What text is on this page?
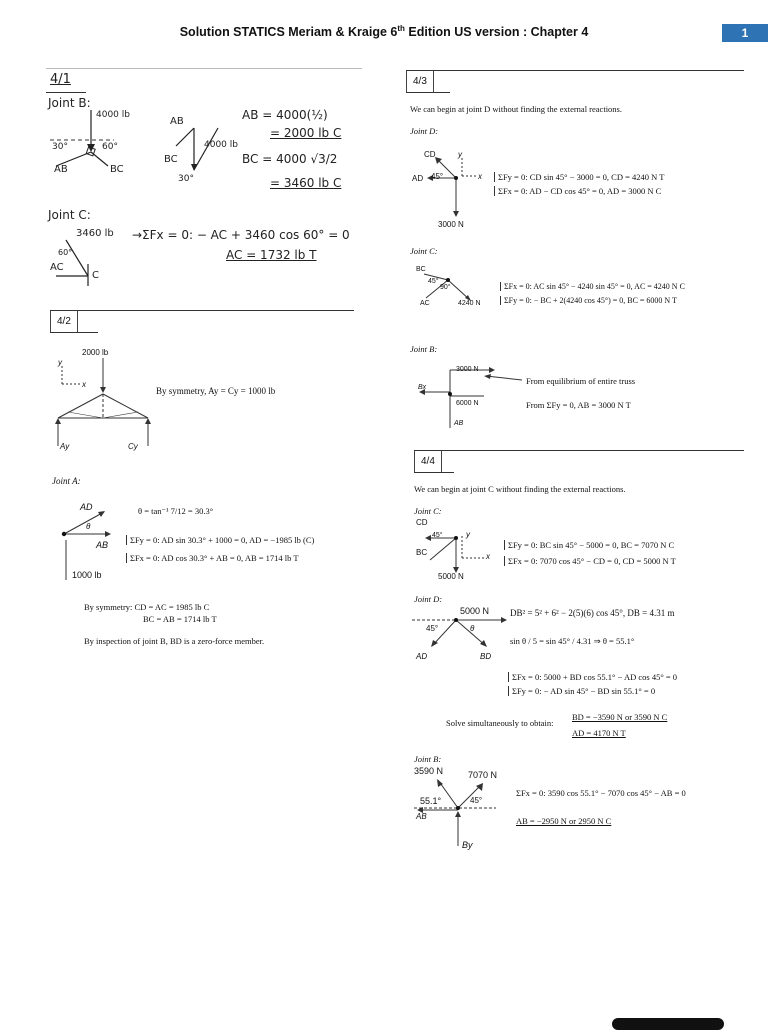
Solution STATICS Meriam & Kraige 6th Edition US version : Chapter 4	1
4/1
Joint B:
4000 lb
30°	60°
AB	BC
AB
4000 lb
BC
30°
AB = 4000(½)
= 2000 lb C
BC = 4000 √3/2
= 3460 lb C
Joint C:
3460 lb
60°
AC
C
→ΣFx = 0: − AC + 3460 cos 60° = 0
AC = 1732 lb T
4/2
2000 lb
y
x
Ay	Cy
By symmetry, Ay = Cy = 1000 lb
Joint A:
AD
θ
AB
1000 lb
θ = tan⁻¹ 7/12 = 30.3°
ΣFy = 0: AD sin 30.3° + 1000 = 0, AD = −1985 lb (C)
ΣFx = 0: AD cos 30.3° + AB = 0, AB = 1714 lb T
By symmetry: CD = AC = 1985 lb C
BC = AB = 1714 lb T
By inspection of joint B, BD is a zero-force member.
4/3
We can begin at joint D without finding the external reactions.
Joint D:
CD	y
AD 45°	x
3000 N
ΣFy = 0: CD sin 45° − 3000 = 0, CD = 4240 N T
ΣFx = 0: AD − CD cos 45° = 0, AD = 3000 N C
Joint C:
BC
45°
90°
AC	4240 N
ΣFx = 0: AC sin 45° − 4240 sin 45° = 0, AC = 4240 N C
ΣFy = 0: − BC + 2(4240 cos 45°) = 0, BC = 6000 N T
Joint B:
3000 N
Bx
6000 N
AB
From equilibrium of entire truss
From ΣFy = 0, AB = 3000 N T
4/4
We can begin at joint C without finding the external reactions.
Joint C:
CD
45°	y
BC	x
5000 N
ΣFy = 0: BC sin 45° − 5000 = 0, BC = 7070 N C
ΣFx = 0: 7070 cos 45° − CD = 0, CD = 5000 N T
Joint D:
5000 N
45°	θ
AD	BD
DB² = 5² + 6² − 2(5)(6) cos 45°, DB = 4.31 m
sin θ / 5 = sin 45° / 4.31 ⇒ θ = 55.1°
ΣFx = 0: 5000 + BD cos 55.1° − AD cos 45° = 0
ΣFy = 0: − AD sin 45° − BD sin 55.1° = 0
Solve simultaneously to obtain:
BD = −3590 N or 3590 N C
AD = 4170 N T
Joint B:
3590 N	7070 N
55.1°	45°
AB
By
ΣFx = 0: 3590 cos 55.1° − 7070 cos 45° − AB = 0
AB = −2950 N or 2950 N C
